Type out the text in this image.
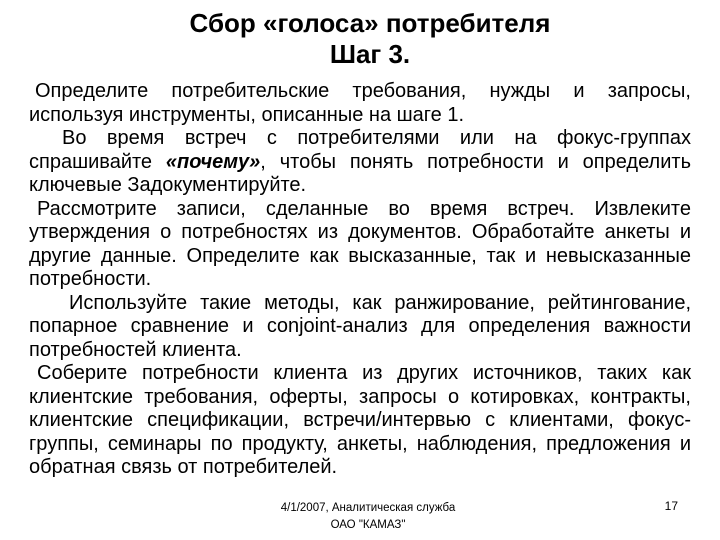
Сбор «голоса» потребителя
Шаг 3.

Определите потребительские требования, нужды и запросы, используя инструменты, описанные на шаге 1.

Во время встреч с потребителями или на фокус-группах спрашивайте «почему», чтобы понять потребности и определить ключевые Задокументируйте.

Рассмотрите записи, сделанные во время встреч. Извлеките утверждения о потребностях из документов. Обработайте анкеты и другие данные. Определите как высказанные, так и невысказанные потребности.

Используйте такие методы, как ранжирование, рейтингование, попарное сравнение и conjoint-анализ для определения важности потребностей клиента.

Соберите потребности клиента из других источников, таких как клиентские требования, оферты, запросы о котировках, контракты, клиентские спецификации, встречи/интервью с клиентами, фокус-группы, семинары по продукту, анкеты, наблюдения, предложения и обратная связь от потребителей.

4/1/2007, Аналитическая служба
ОАО "КАМАЗ"
17
